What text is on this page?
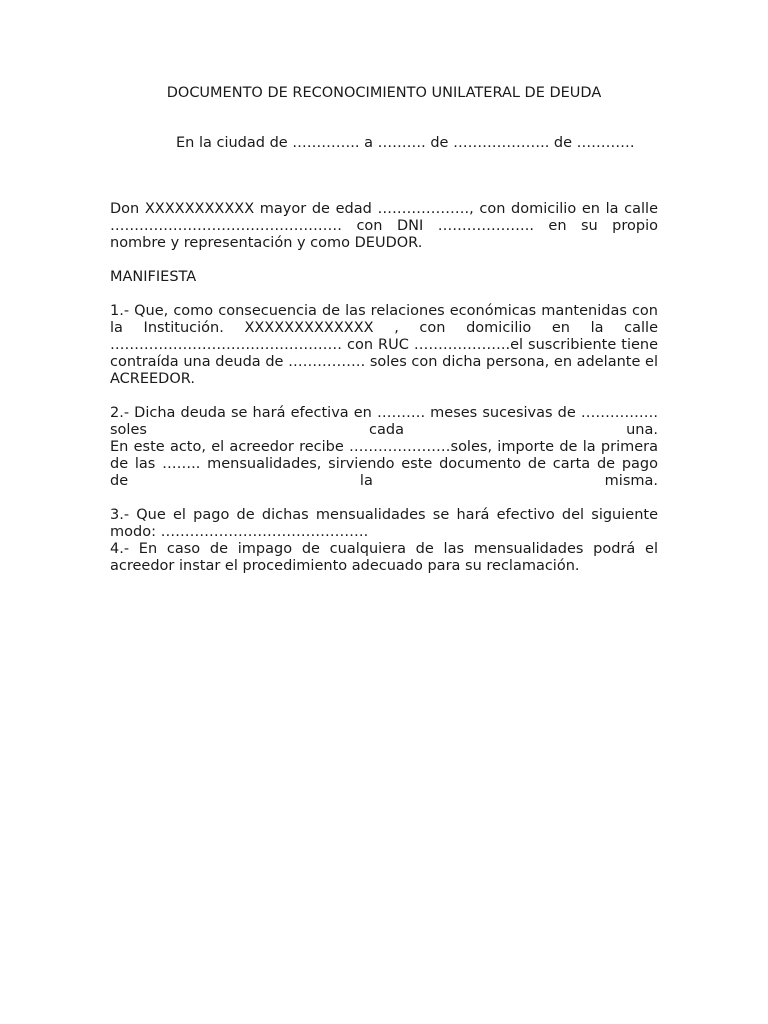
DOCUMENTO DE RECONOCIMIENTO UNILATERAL DE DEUDA
En la ciudad de ………….. a ………. de ……………….. de …………

Don XXXXXXXXXXX mayor de edad ………………., con domicilio en la calle ………………………………………… con DNI ……………….. en su propio nombre y representación y como DEUDOR.

MANIFIESTA

1.- Que, como consecuencia de las relaciones económicas mantenidas con la Institución. XXXXXXXXXXXXX , con domicilio en la calle ………………………………………… con RUC ………………..el suscribiente tiene contraída una deuda de ……………. soles con dicha persona, en adelante el ACREEDOR.

2.- Dicha deuda se hará efectiva en ………. meses sucesivas de ……………. soles cada una.

En este acto, el acreedor recibe …………………soles, importe de la primera de las …….. mensualidades, sirviendo este documento de carta de pago de la misma.

3.- Que el pago de dichas mensualidades se hará efectivo del siguiente modo: …………………………………….

4.- En caso de impago de cualquiera de las mensualidades podrá el acreedor instar el procedimiento adecuado para su reclamación.
